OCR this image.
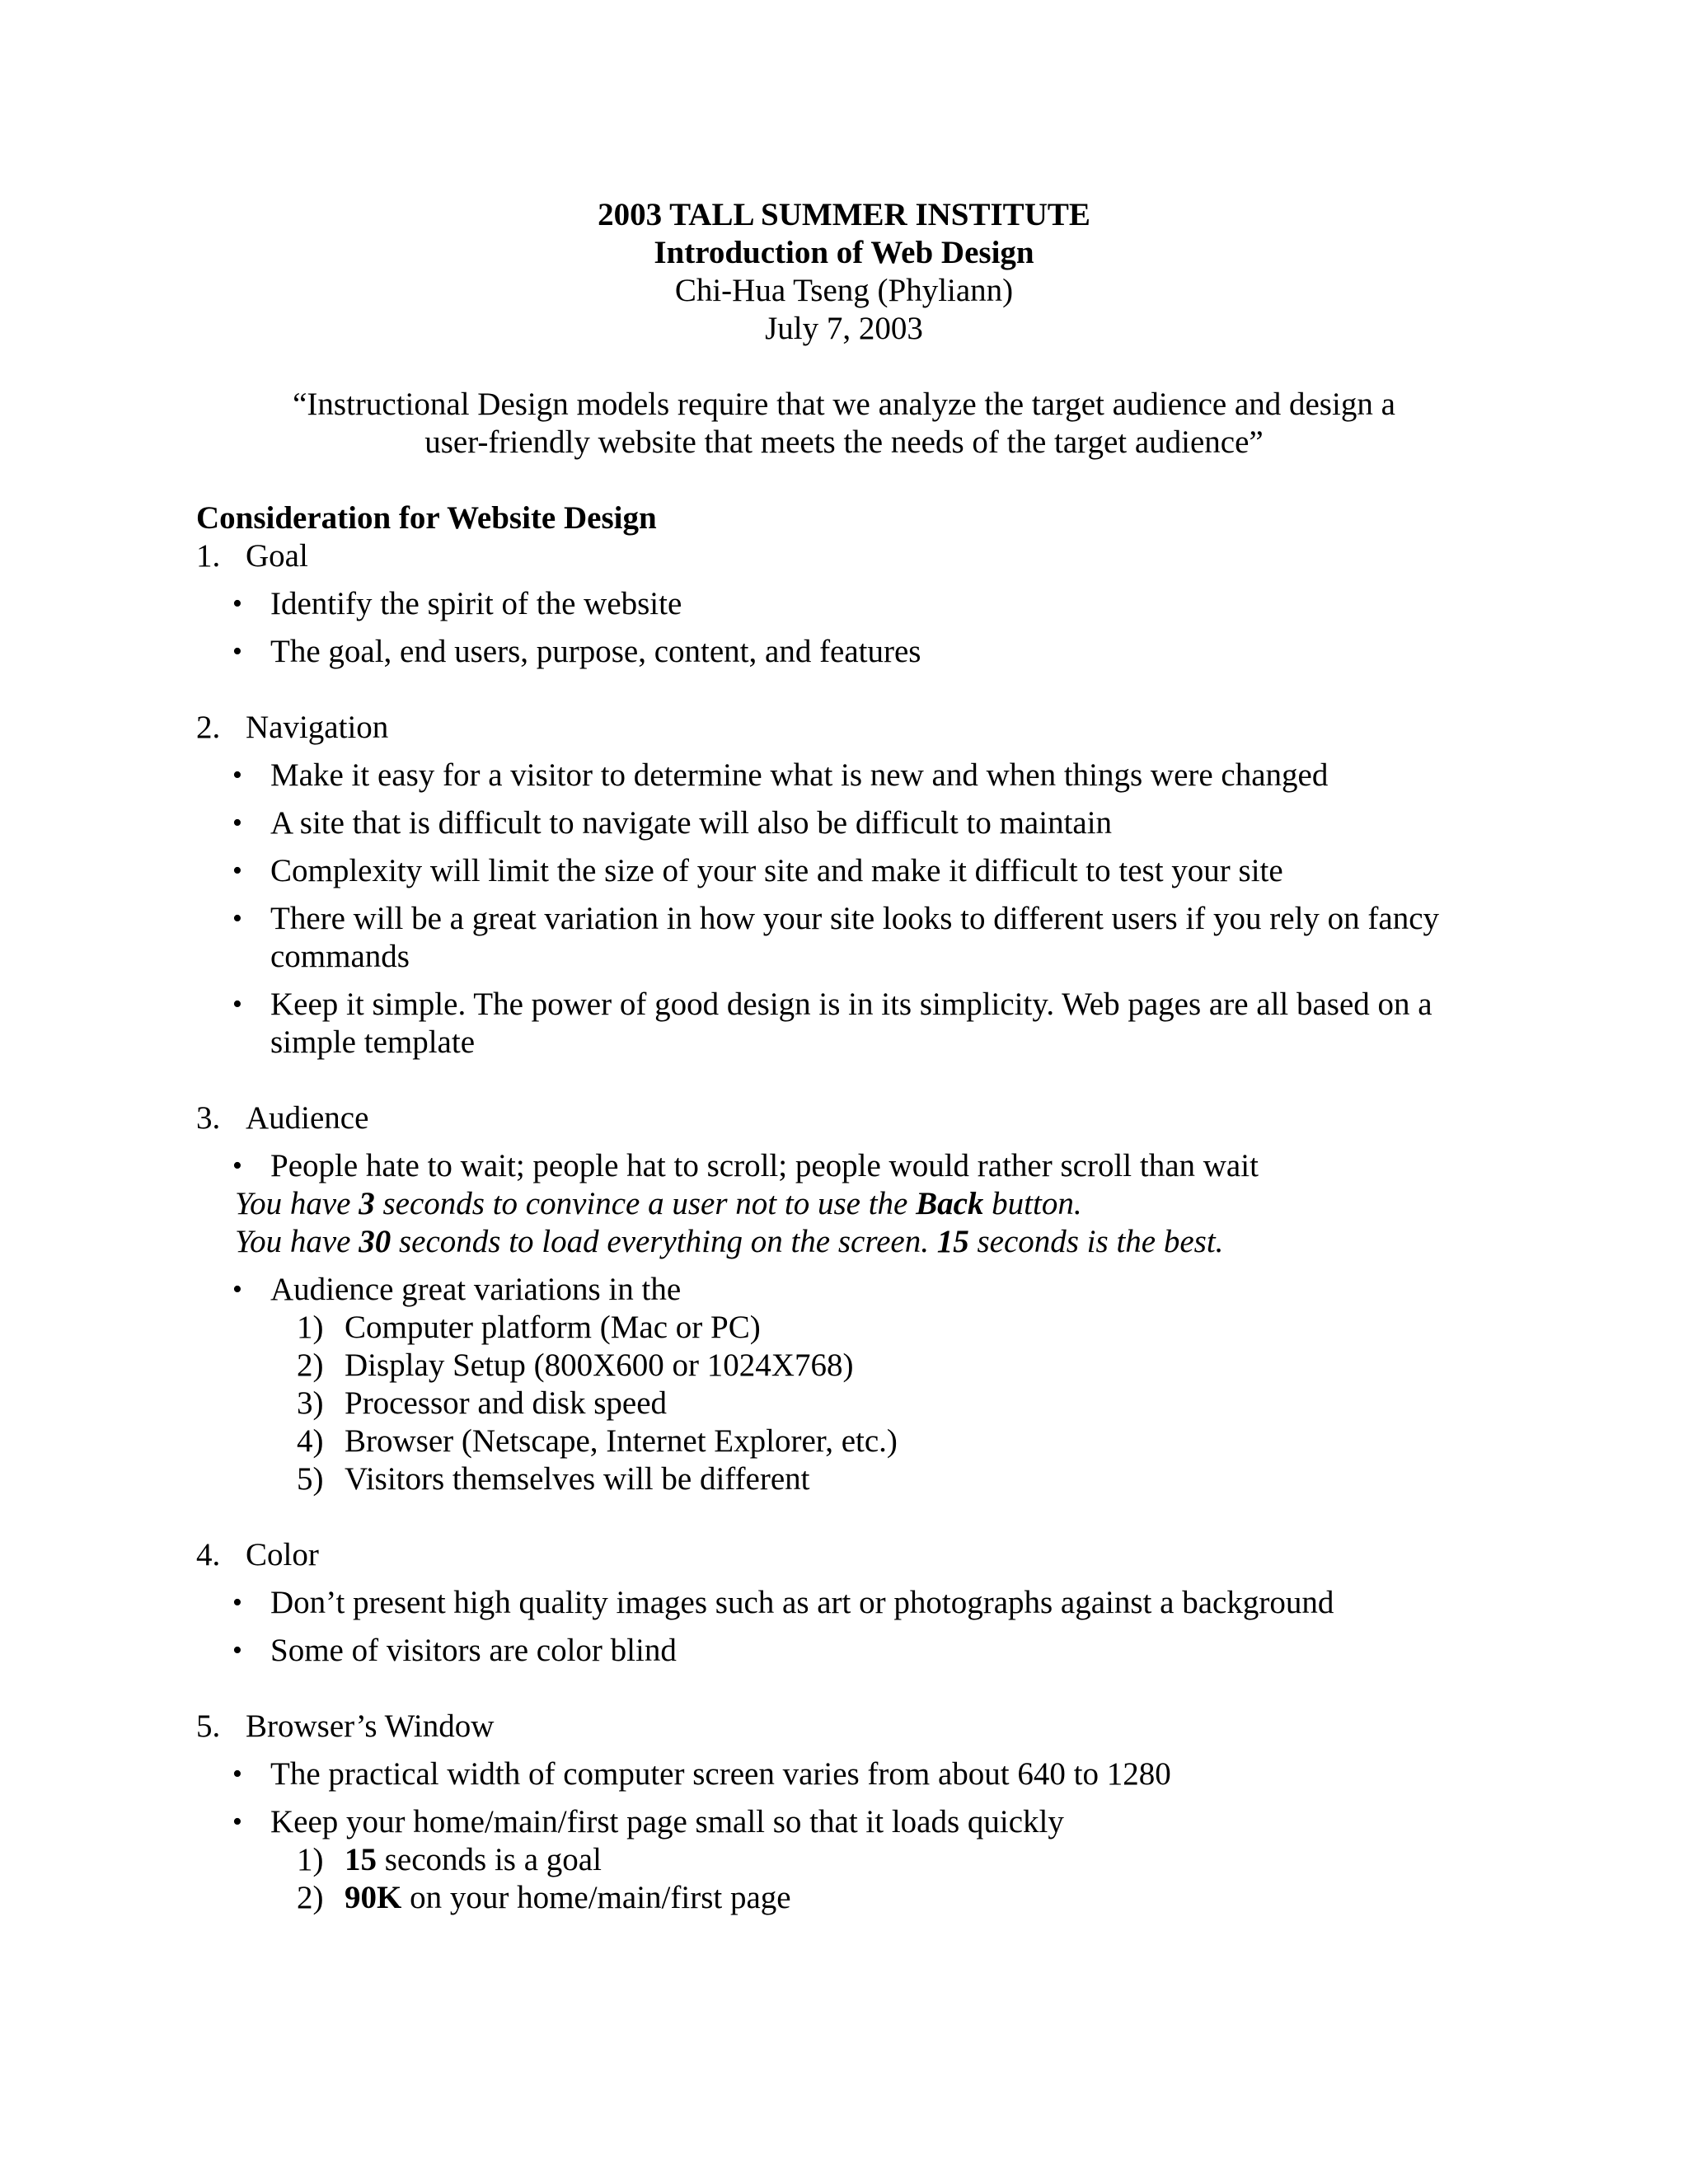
2003 TALL SUMMER INSTITUTE
Introduction of Web Design
Chi-Hua Tseng (Phyliann)
July 7, 2003
“Instructional Design models require that we analyze the target audience and design a
user-friendly website that meets the needs of the target audience”
Consideration for Website Design
1. Goal
• Identify the spirit of the website
• The goal, end users, purpose, content, and features
2. Navigation
• Make it easy for a visitor to determine what is new and when things were changed
• A site that is difficult to navigate will also be difficult to maintain
• Complexity will limit the size of your site and make it difficult to test your site
• There will be a great variation in how your site looks to different users if you rely on fancy commands
• Keep it simple. The power of good design is in its simplicity. Web pages are all based on a simple template
3. Audience
• People hate to wait; people hat to scroll; people would rather scroll than wait
You have 3 seconds to convince a user not to use the Back button.
You have 30 seconds to load everything on the screen. 15 seconds is the best.
• Audience great variations in the
1) Computer platform (Mac or PC)
2) Display Setup (800X600 or 1024X768)
3) Processor and disk speed
4) Browser (Netscape, Internet Explorer, etc.)
5) Visitors themselves will be different
4. Color
• Don’t present high quality images such as art or photographs against a background
• Some of visitors are color blind
5. Browser’s Window
• The practical width of computer screen varies from about 640 to 1280
• Keep your home/main/first page small so that it loads quickly
1) 15 seconds is a goal
2) 90K on your home/main/first page
